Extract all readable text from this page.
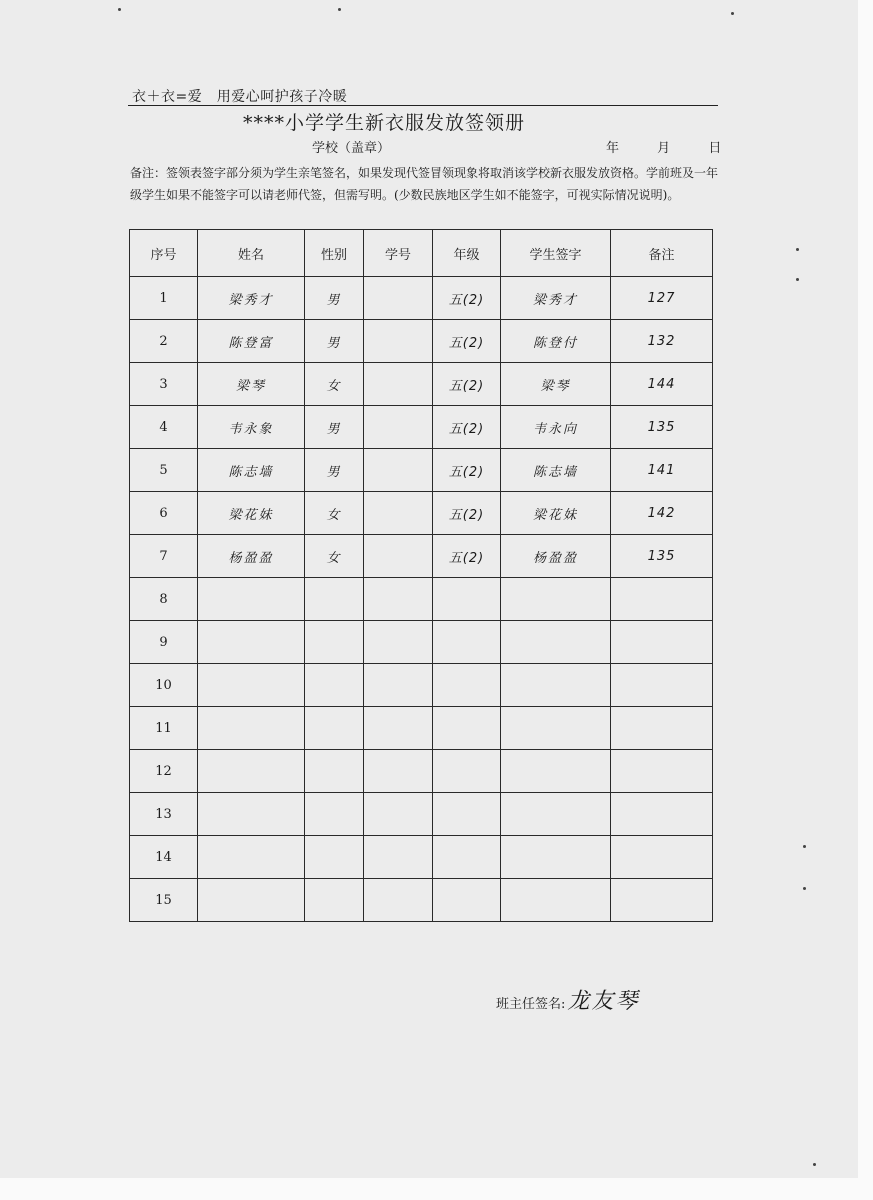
衣＋衣=爱　用爱心呵护孩子冷暖
****小学学生新衣服发放签领册
学校（盖章）	年	月	日
备注：签领表签字部分须为学生亲笔签名，如果发现代签冒领现象将取消该学校新衣服发放资格。学前班及一年级学生如果不能签字可以请老师代签，但需写明。(少数民族地区学生如不能签字，可视实际情况说明)。
序号	姓名	性别	学号	年级	学生签字	备注
1	梁秀才	男		五(2)	梁秀才	127
2	陈登富	男		五(2)	陈登付	132
3	梁琴	女		五(2)	梁琴	144
4	韦永象	男		五(2)	韦永向	135
5	陈志墙	男		五(2)	陈志墙	141
6	梁花妹	女		五(2)	梁花妹	142
7	杨盈盈	女		五(2)	杨盈盈	135
8						
9						
10						
11						
12						
13						
14						
15						
班主任签名:龙友琴
